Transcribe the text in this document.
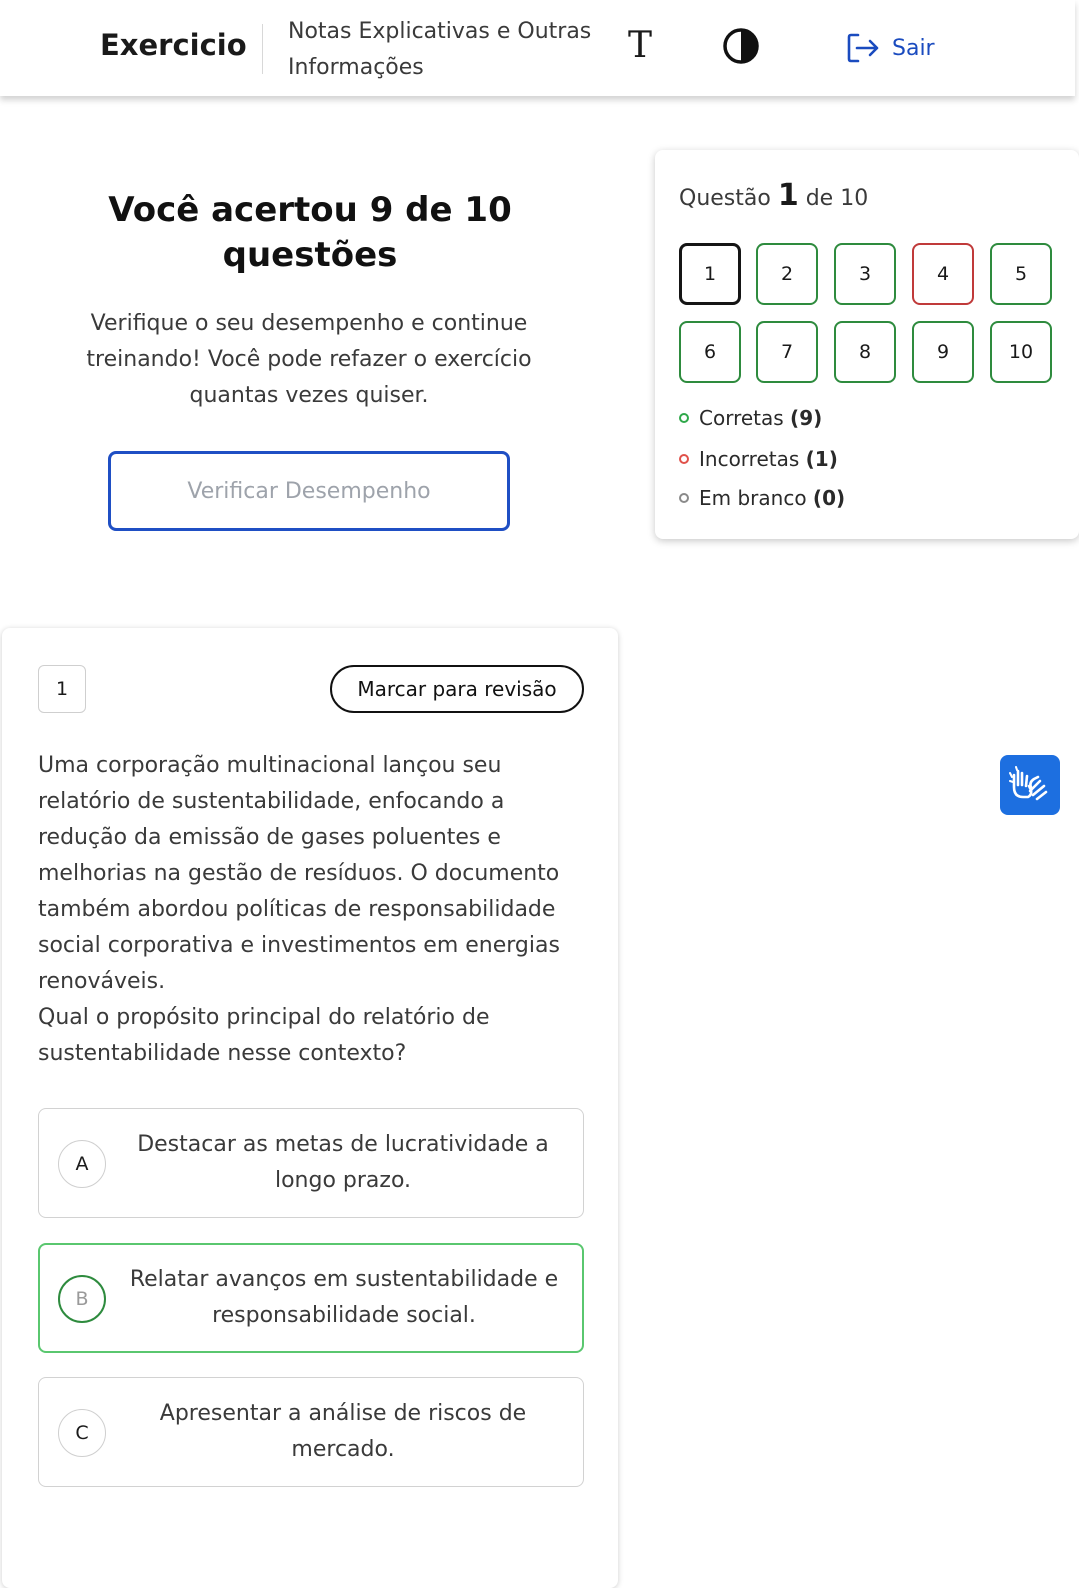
Exercicio Notas Explicativas e Outras Informações
T	Sair
Você acertou 9 de 10 questões
Verifique o seu desempenho e continue treinando! Você pode refazer o exercício quantas vezes quiser.
Verificar Desempenho
Questão 1 de 10
1	2	3	4	5
6	7	8	9	10
Corretas (9)
Incorretas (1)
Em branco (0)
1	Marcar para revisão

Uma corporação multinacional lançou seu relatório de sustentabilidade, enfocando a redução da emissão de gases poluentes e melhorias na gestão de resíduos. O documento também abordou políticas de responsabilidade social corporativa e investimentos em energias renováveis.

Qual o propósito principal do relatório de sustentabilidade nesse contexto?

A
Destacar as metas de lucratividade a longo prazo.
B
Relatar avanços em sustentabilidade e responsabilidade social.
C
Apresentar a análise de riscos de mercado.
